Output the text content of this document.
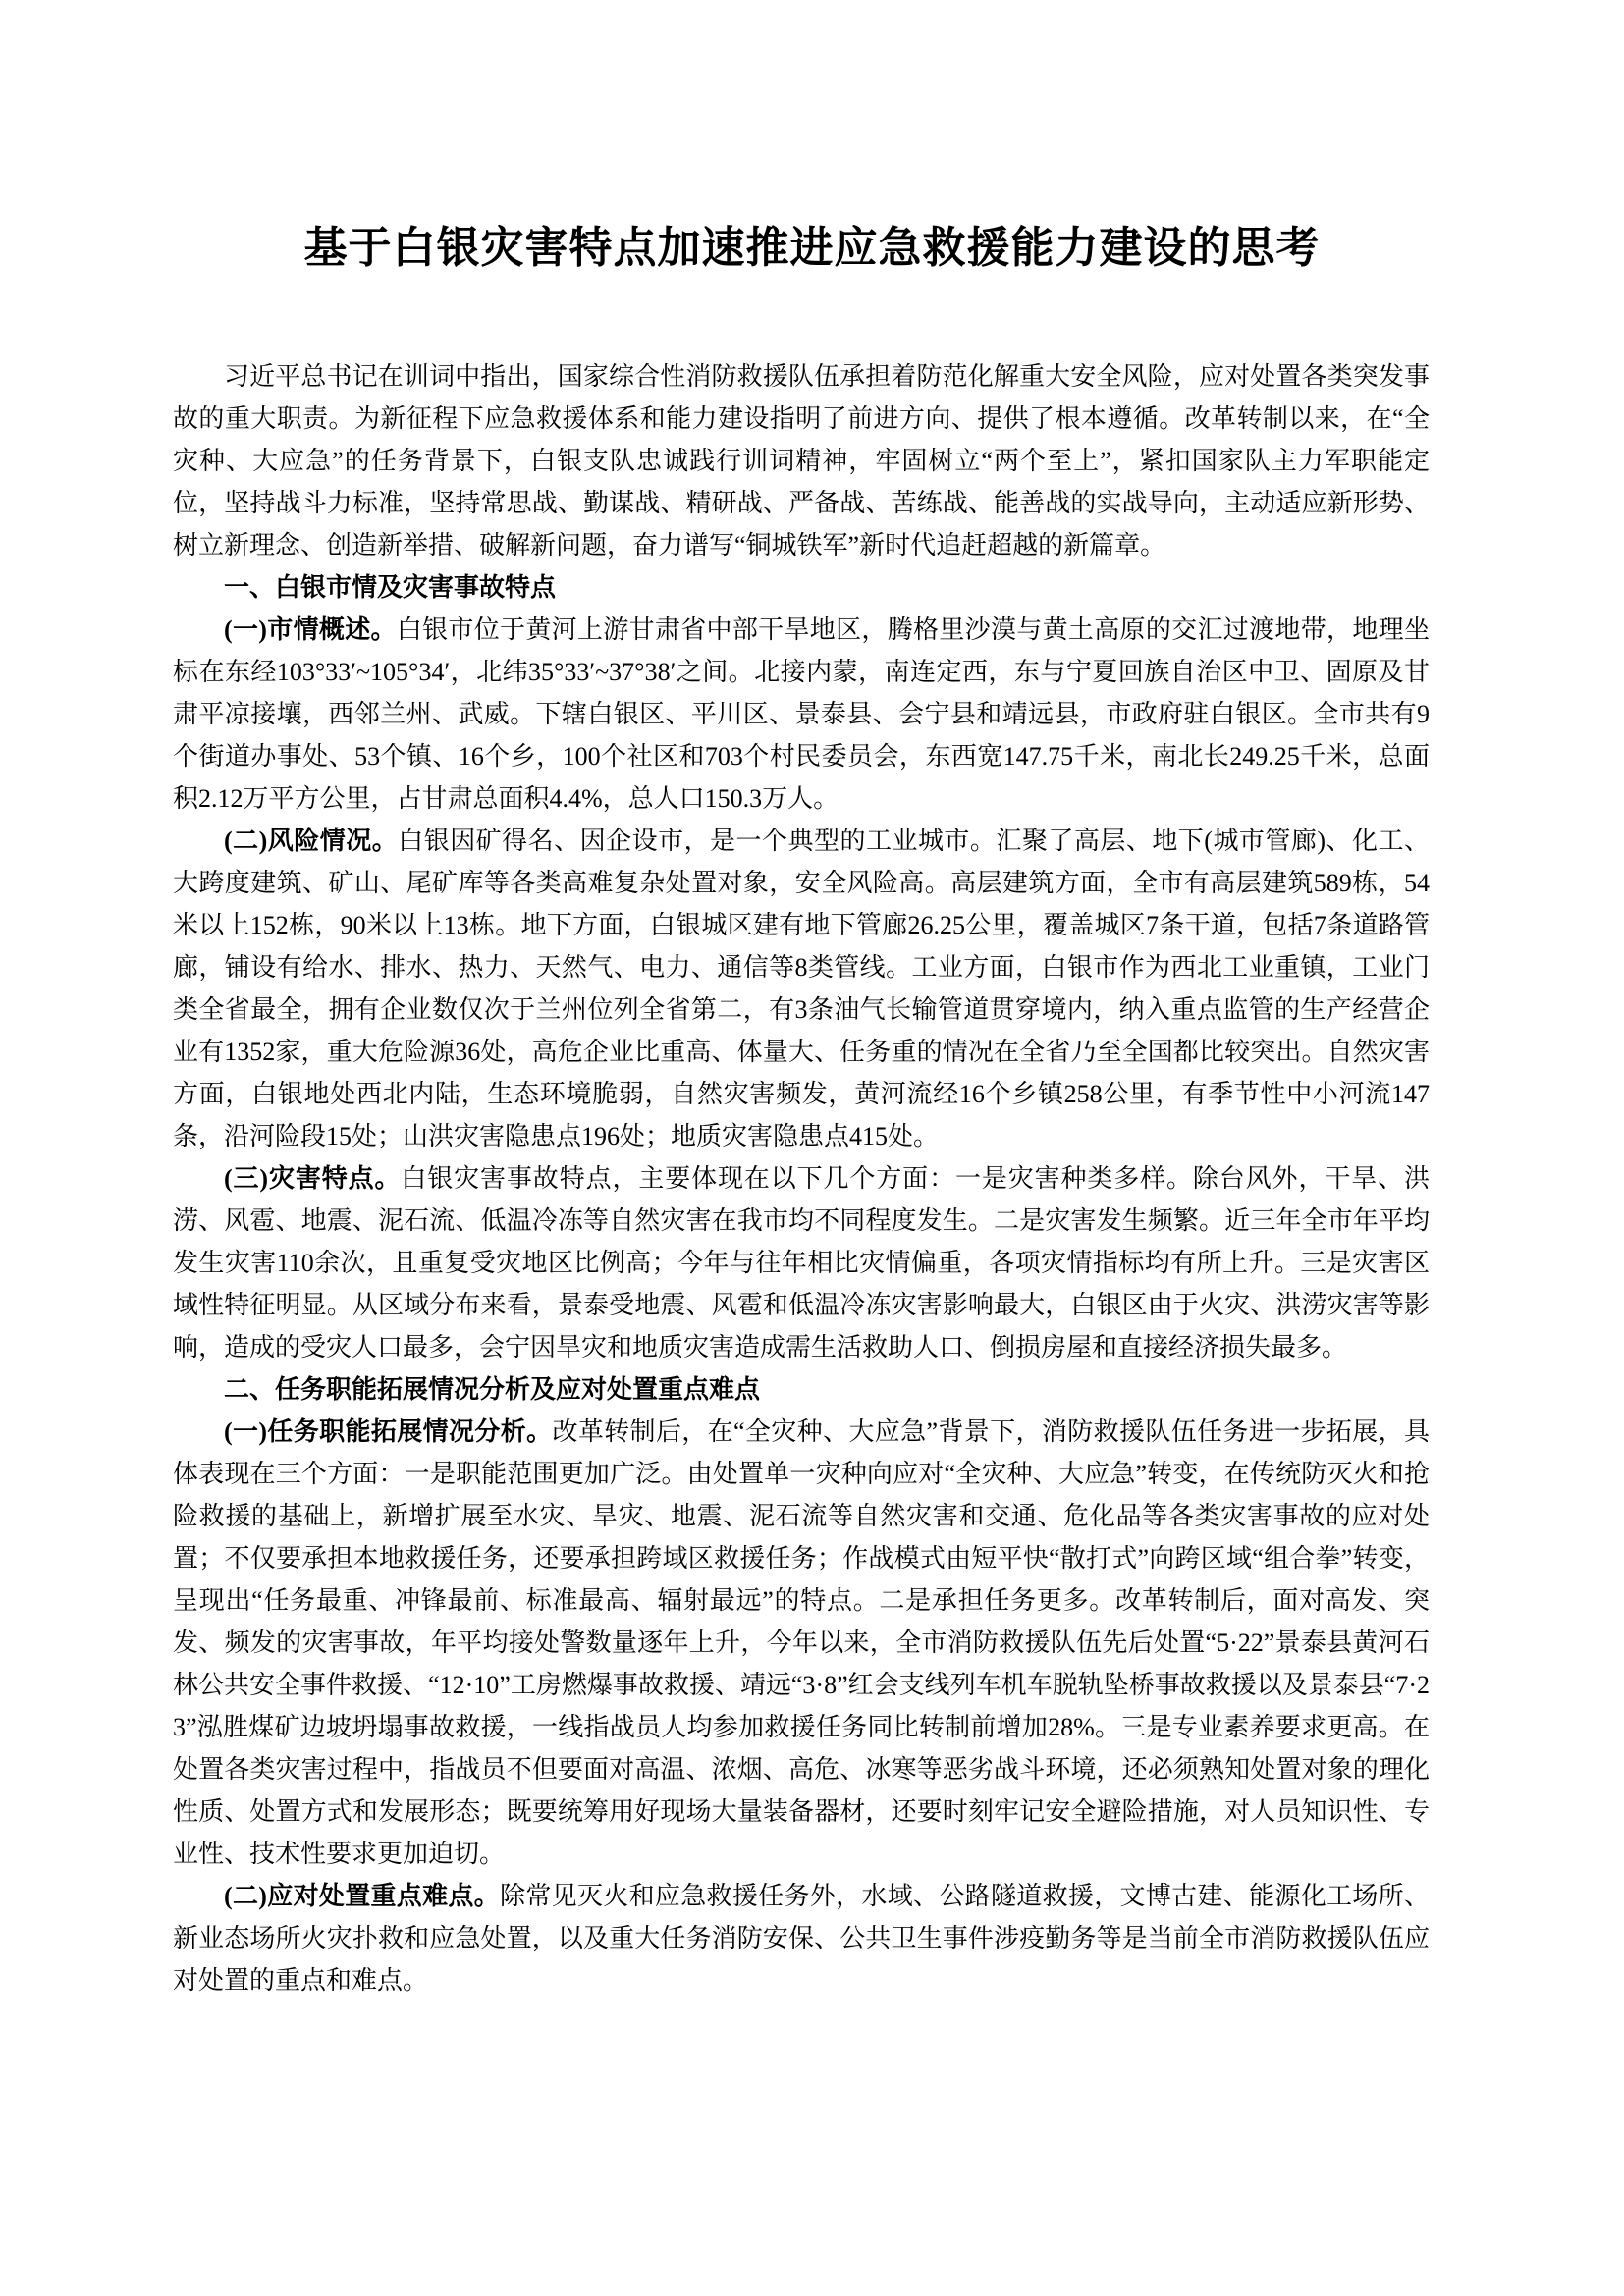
基于白银灾害特点加速推进应急救援能力建设的思考

习近平总书记在训词中指出，国家综合性消防救援队伍承担着防范化解重大安全风险，应对处置各类突发事故的重大职责。为新征程下应急救援体系和能力建设指明了前进方向、提供了根本遵循。改革转制以来，在“全灾种、大应急”的任务背景下，白银支队忠诚践行训词精神，牢固树立“两个至上”，紧扣国家队主力军职能定位，坚持战斗力标准，坚持常思战、勤谋战、精研战、严备战、苦练战、能善战的实战导向，主动适应新形势、树立新理念、创造新举措、破解新问题，奋力谱写“铜城铁军”新时代追赶超越的新篇章。

一、白银市情及灾害事故特点

(一)市情概述。白银市位于黄河上游甘肃省中部干旱地区，腾格里沙漠与黄土高原的交汇过渡地带，地理坐标在东经103°33′~105°34′，北纬35°33′~37°38′之间。北接内蒙，南连定西，东与宁夏回族自治区中卫、固原及甘肃平凉接壤，西邻兰州、武威。下辖白银区、平川区、景泰县、会宁县和靖远县，市政府驻白银区。全市共有9个街道办事处、53个镇、16个乡，100个社区和703个村民委员会，东西宽147.75千米，南北长249.25千米，总面积2.12万平方公里，占甘肃总面积4.4%，总人口150.3万人。

(二)风险情况。白银因矿得名、因企设市，是一个典型的工业城市。汇聚了高层、地下(城市管廊)、化工、大跨度建筑、矿山、尾矿库等各类高难复杂处置对象，安全风险高。高层建筑方面，全市有高层建筑589栋，54米以上152栋，90米以上13栋。地下方面，白银城区建有地下管廊26.25公里，覆盖城区7条干道，包括7条道路管廊，铺设有给水、排水、热力、天然气、电力、通信等8类管线。工业方面，白银市作为西北工业重镇，工业门类全省最全，拥有企业数仅次于兰州位列全省第二，有3条油气长输管道贯穿境内，纳入重点监管的生产经营企业有1352家，重大危险源36处，高危企业比重高、体量大、任务重的情况在全省乃至全国都比较突出。自然灾害方面，白银地处西北内陆，生态环境脆弱，自然灾害频发，黄河流经16个乡镇258公里，有季节性中小河流147条，沿河险段15处；山洪灾害隐患点196处；地质灾害隐患点415处。

(三)灾害特点。白银灾害事故特点，主要体现在以下几个方面：一是灾害种类多样。除台风外，干旱、洪涝、风雹、地震、泥石流、低温冷冻等自然灾害在我市均不同程度发生。二是灾害发生频繁。近三年全市年平均发生灾害110余次，且重复受灾地区比例高；今年与往年相比灾情偏重，各项灾情指标均有所上升。三是灾害区域性特征明显。从区域分布来看，景泰受地震、风雹和低温冷冻灾害影响最大，白银区由于火灾、洪涝灾害等影响，造成的受灾人口最多，会宁因旱灾和地质灾害造成需生活救助人口、倒损房屋和直接经济损失最多。

二、任务职能拓展情况分析及应对处置重点难点

(一)任务职能拓展情况分析。改革转制后，在“全灾种、大应急”背景下，消防救援队伍任务进一步拓展，具体表现在三个方面：一是职能范围更加广泛。由处置单一灾种向应对“全灾种、大应急”转变，在传统防灭火和抢险救援的基础上，新增扩展至水灾、旱灾、地震、泥石流等自然灾害和交通、危化品等各类灾害事故的应对处置；不仅要承担本地救援任务，还要承担跨域区救援任务；作战模式由短平快“散打式”向跨区域“组合拳”转变，呈现出“任务最重、冲锋最前、标准最高、辐射最远”的特点。二是承担任务更多。改革转制后，面对高发、突发、频发的灾害事故，年平均接处警数量逐年上升，今年以来，全市消防救援队伍先后处置“5·22”景泰县黄河石林公共安全事件救援、“12·10”工房燃爆事故救援、靖远“3·8”红会支线列车机车脱轨坠桥事故救援以及景泰县“7·23”泓胜煤矿边坡坍塌事故救援，一线指战员人均参加救援任务同比转制前增加28%。三是专业素养要求更高。在处置各类灾害过程中，指战员不但要面对高温、浓烟、高危、冰寒等恶劣战斗环境，还必须熟知处置对象的理化性质、处置方式和发展形态；既要统筹用好现场大量装备器材，还要时刻牢记安全避险措施，对人员知识性、专业性、技术性要求更加迫切。

(二)应对处置重点难点。除常见灭火和应急救援任务外，水域、公路隧道救援，文博古建、能源化工场所、新业态场所火灾扑救和应急处置，以及重大任务消防安保、公共卫生事件涉疫勤务等是当前全市消防救援队伍应对处置的重点和难点。
